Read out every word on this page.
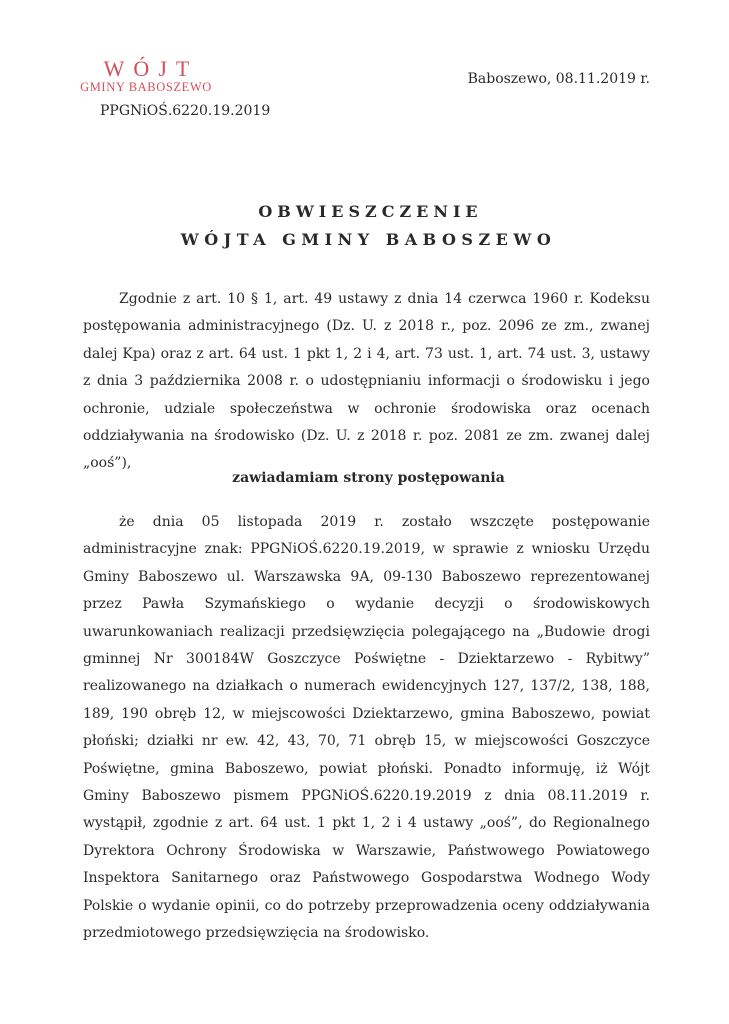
WÓJT
GMINY BABOSZEWO
PPGNiOŚ.6220.19.2019
Baboszewo, 08.11.2019 r.
OBWIESZCZENIE
WÓJTA GMINY BABOSZEWO

Zgodnie z art. 10 § 1, art. 49 ustawy z dnia 14 czerwca 1960 r. Kodeksu postępowania administracyjnego (Dz. U. z 2018 r., poz. 2096 ze zm., zwanej dalej Kpa) oraz z art. 64 ust. 1 pkt 1, 2 i 4, art. 73 ust. 1, art. 74 ust. 3, ustawy z dnia 3 października 2008 r. o udostępnianiu informacji o środowisku i jego ochronie, udziale społeczeństwa w ochronie środowiska oraz ocenach oddziaływania na środowisko (Dz. U. z 2018 r. poz. 2081 ze zm. zwanej dalej „ooś”),

zawiadamiam strony postępowania

że dnia 05 listopada 2019 r. zostało wszczęte postępowanie administracyjne znak: PPGNiOŚ.6220.19.2019, w sprawie z wniosku Urzędu Gminy Baboszewo ul. Warszawska 9A, 09-130 Baboszewo reprezentowanej przez Pawła Szymańskiego o wydanie decyzji o środowiskowych uwarunkowaniach realizacji przedsięwzięcia polegającego na „Budowie drogi gminnej Nr 300184W Goszczyce Poświętne - Dziektarzewo - Rybitwy” realizowanego na działkach o numerach ewidencyjnych 127, 137/2, 138, 188, 189, 190 obręb 12, w miejscowości Dziektarzewo, gmina Baboszewo, powiat płoński; działki nr ew. 42, 43, 70, 71 obręb 15, w miejscowości Goszczyce Poświętne, gmina Baboszewo, powiat płoński. Ponadto informuję, iż Wójt Gminy Baboszewo pismem PPGNiOŚ.6220.19.2019 z dnia 08.11.2019 r. wystąpił, zgodnie z art. 64 ust. 1 pkt 1, 2 i 4 ustawy „ooś”, do Regionalnego Dyrektora Ochrony Środowiska w Warszawie, Państwowego Powiatowego Inspektora Sanitarnego oraz Państwowego Gospodarstwa Wodnego Wody Polskie o wydanie opinii, co do potrzeby przeprowadzenia oceny oddziaływania przedmiotowego przedsięwzięcia na środowisko.
